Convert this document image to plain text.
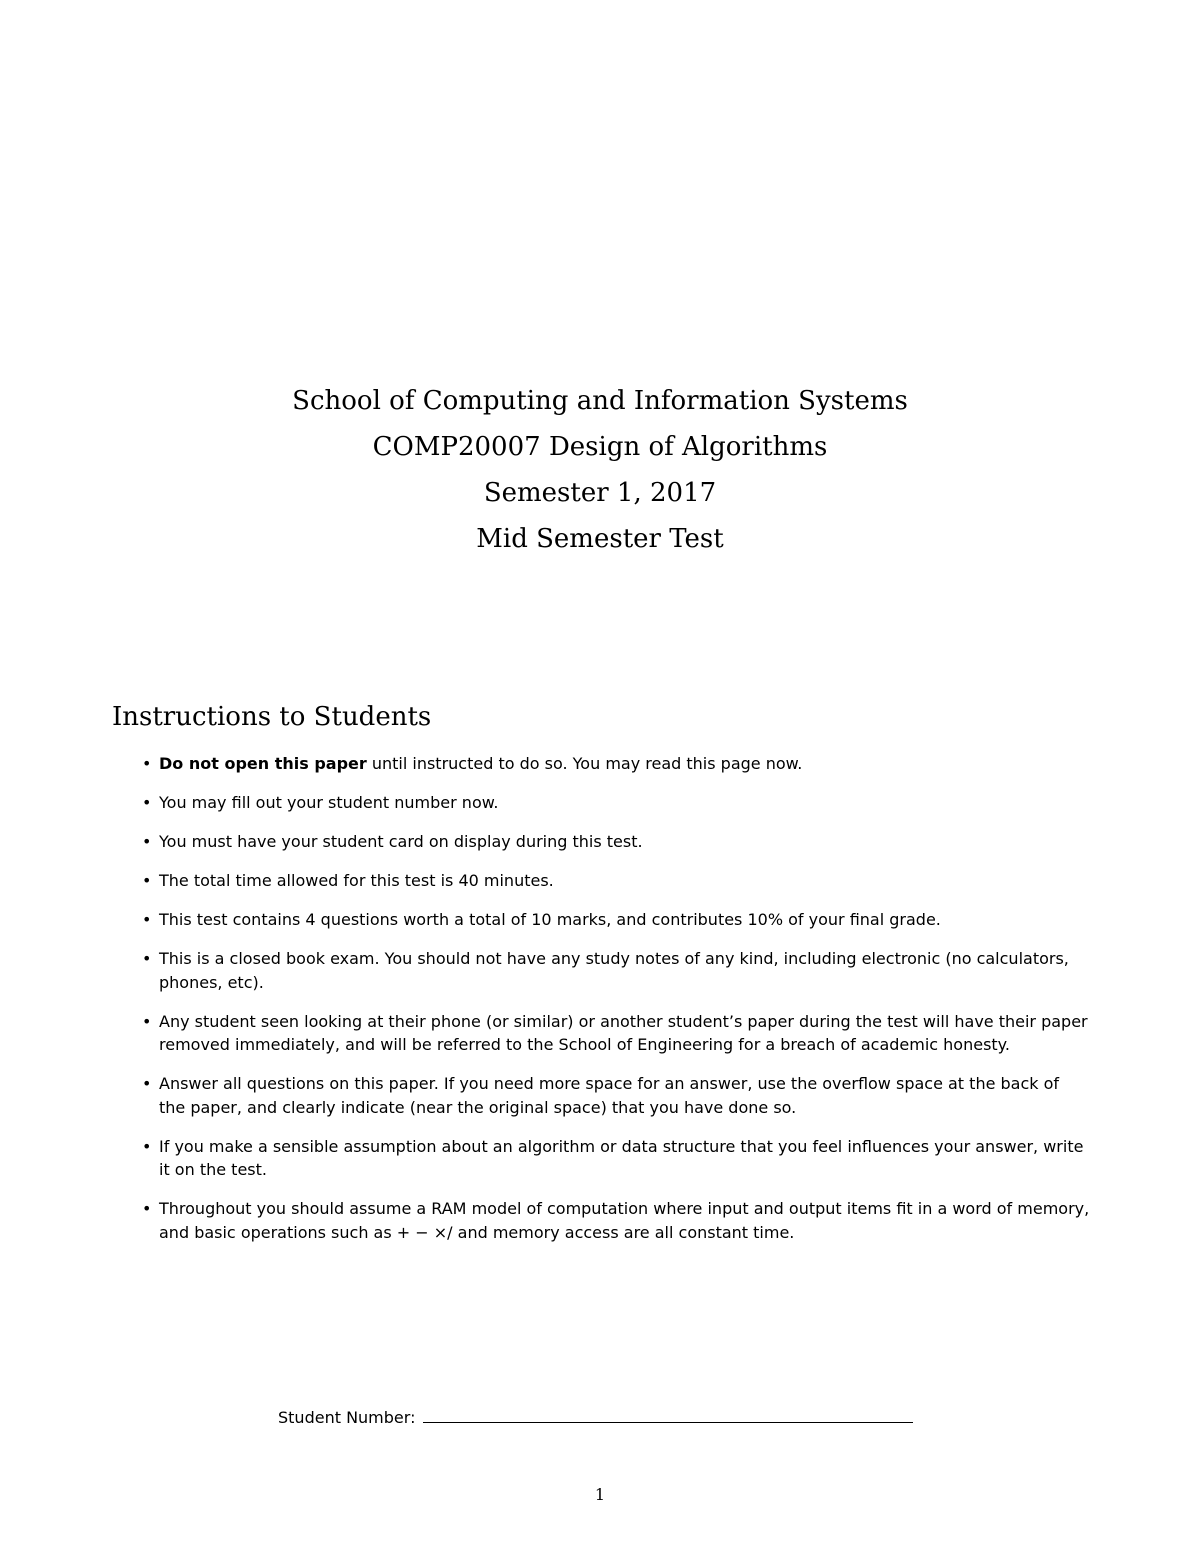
School of Computing and Information Systems
COMP20007 Design of Algorithms
Semester 1, 2017
Mid Semester Test
Instructions to Students
• Do not open this paper until instructed to do so. You may read this page now.
• You may fill out your student number now.
• You must have your student card on display during this test.
• The total time allowed for this test is 40 minutes.
• This test contains 4 questions worth a total of 10 marks, and contributes 10% of your final grade.
• This is a closed book exam. You should not have any study notes of any kind, including electronic (no calculators, phones, etc).
• Any student seen looking at their phone (or similar) or another student’s paper during the test will have their paper removed immediately, and will be referred to the School of Engineering for a breach of academic honesty.
• Answer all questions on this paper. If you need more space for an answer, use the overflow space at the back of the paper, and clearly indicate (near the original space) that you have done so.
• If you make a sensible assumption about an algorithm or data structure that you feel influences your answer, write it on the test.
• Throughout you should assume a RAM model of computation where input and output items fit in a word of memory, and basic operations such as + − ×/ and memory access are all constant time.
Student Number:
1
